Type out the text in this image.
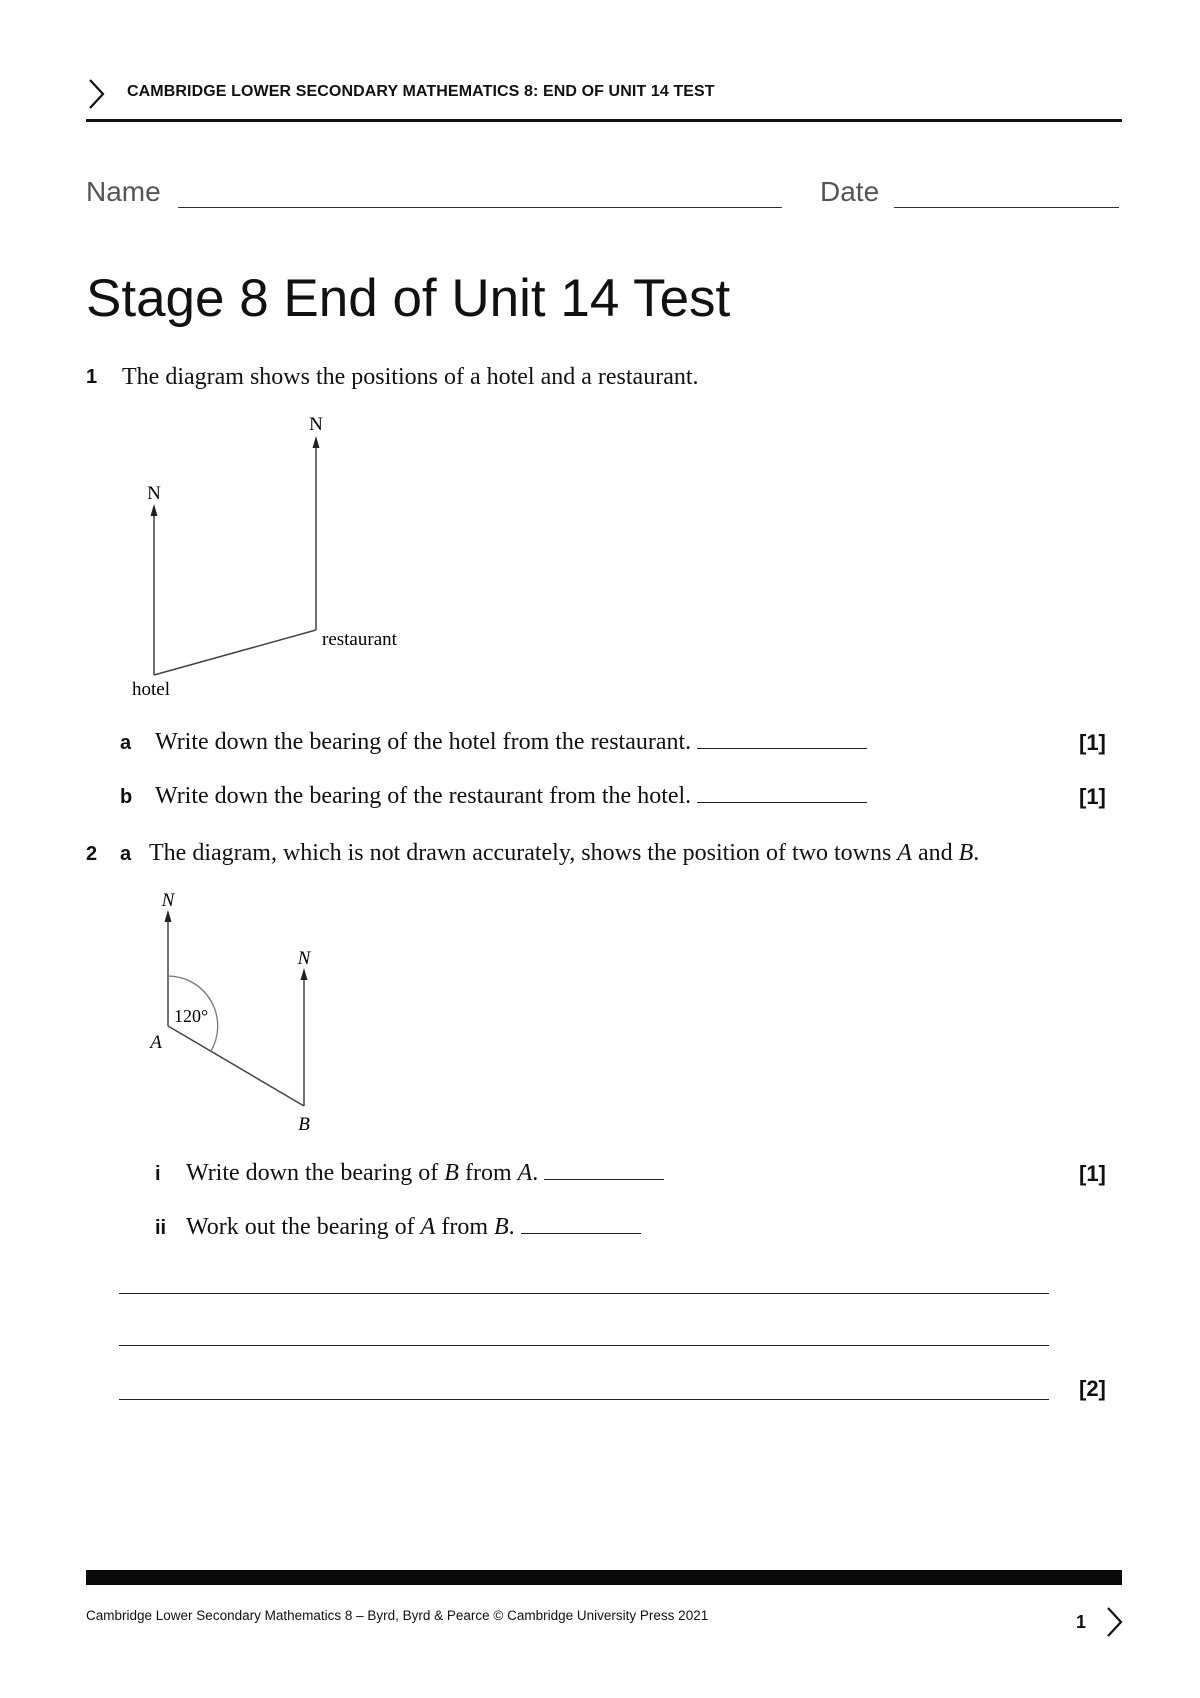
CAMBRIDGE LOWER SECONDARY MATHEMATICS 8: END OF UNIT 14 TEST
Name	Date
Stage 8 End of Unit 14 Test
1 The diagram shows the positions of a hotel and a restaurant.
N
N
hotel
restaurant
a Write down the bearing of the hotel from the restaurant.	[1]
b Write down the bearing of the restaurant from the hotel.	[1]
2 a The diagram, which is not drawn accurately, shows the position of two towns A and B.
N
N
120°
A
B
i Write down the bearing of B from A.	[1]
ii Work out the bearing of A from B.
[2]
Cambridge Lower Secondary Mathematics 8 – Byrd, Byrd & Pearce © Cambridge University Press 2021	1
